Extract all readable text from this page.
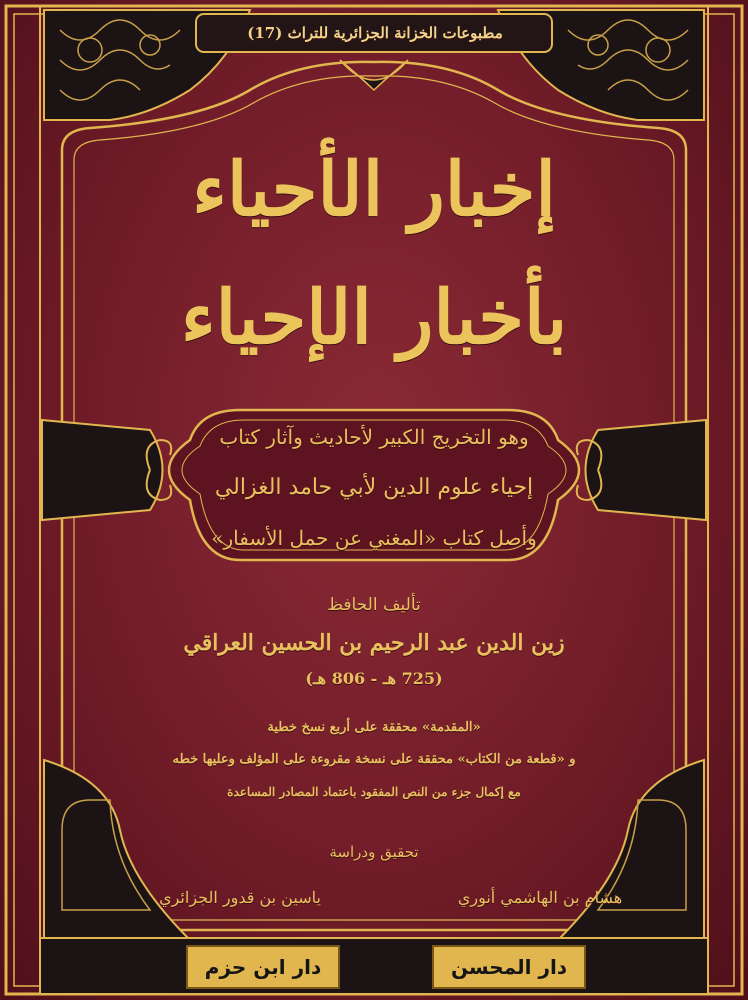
مطبوعات الخزانة الجزائرية للتراث (17)
إخبار الأحياء
بأخبار الإحياء
وهو التخريج الكبير لأحاديث وآثار كتاب
إحياء علوم الدين لأبي حامد الغزالي
وأصل كتاب «المغني عن حمل الأسفار»
تأليف الحافظ
زين الدين عبد الرحيم بن الحسين العراقي
(725 هـ - 806 هـ)
«المقدمة» محققة على أربع نسخ خطية
و «قطعة من الكتاب» محققة على نسخة مقروءة على المؤلف وعليها خطه
مع إكمال جزء من النص المفقود باعتماد المصادر المساعدة
تحقيق ودراسة
هشام بن الهاشمي أنوري
ياسين بن قدور الجزائري
دار ابن حزم	دار المحسن
